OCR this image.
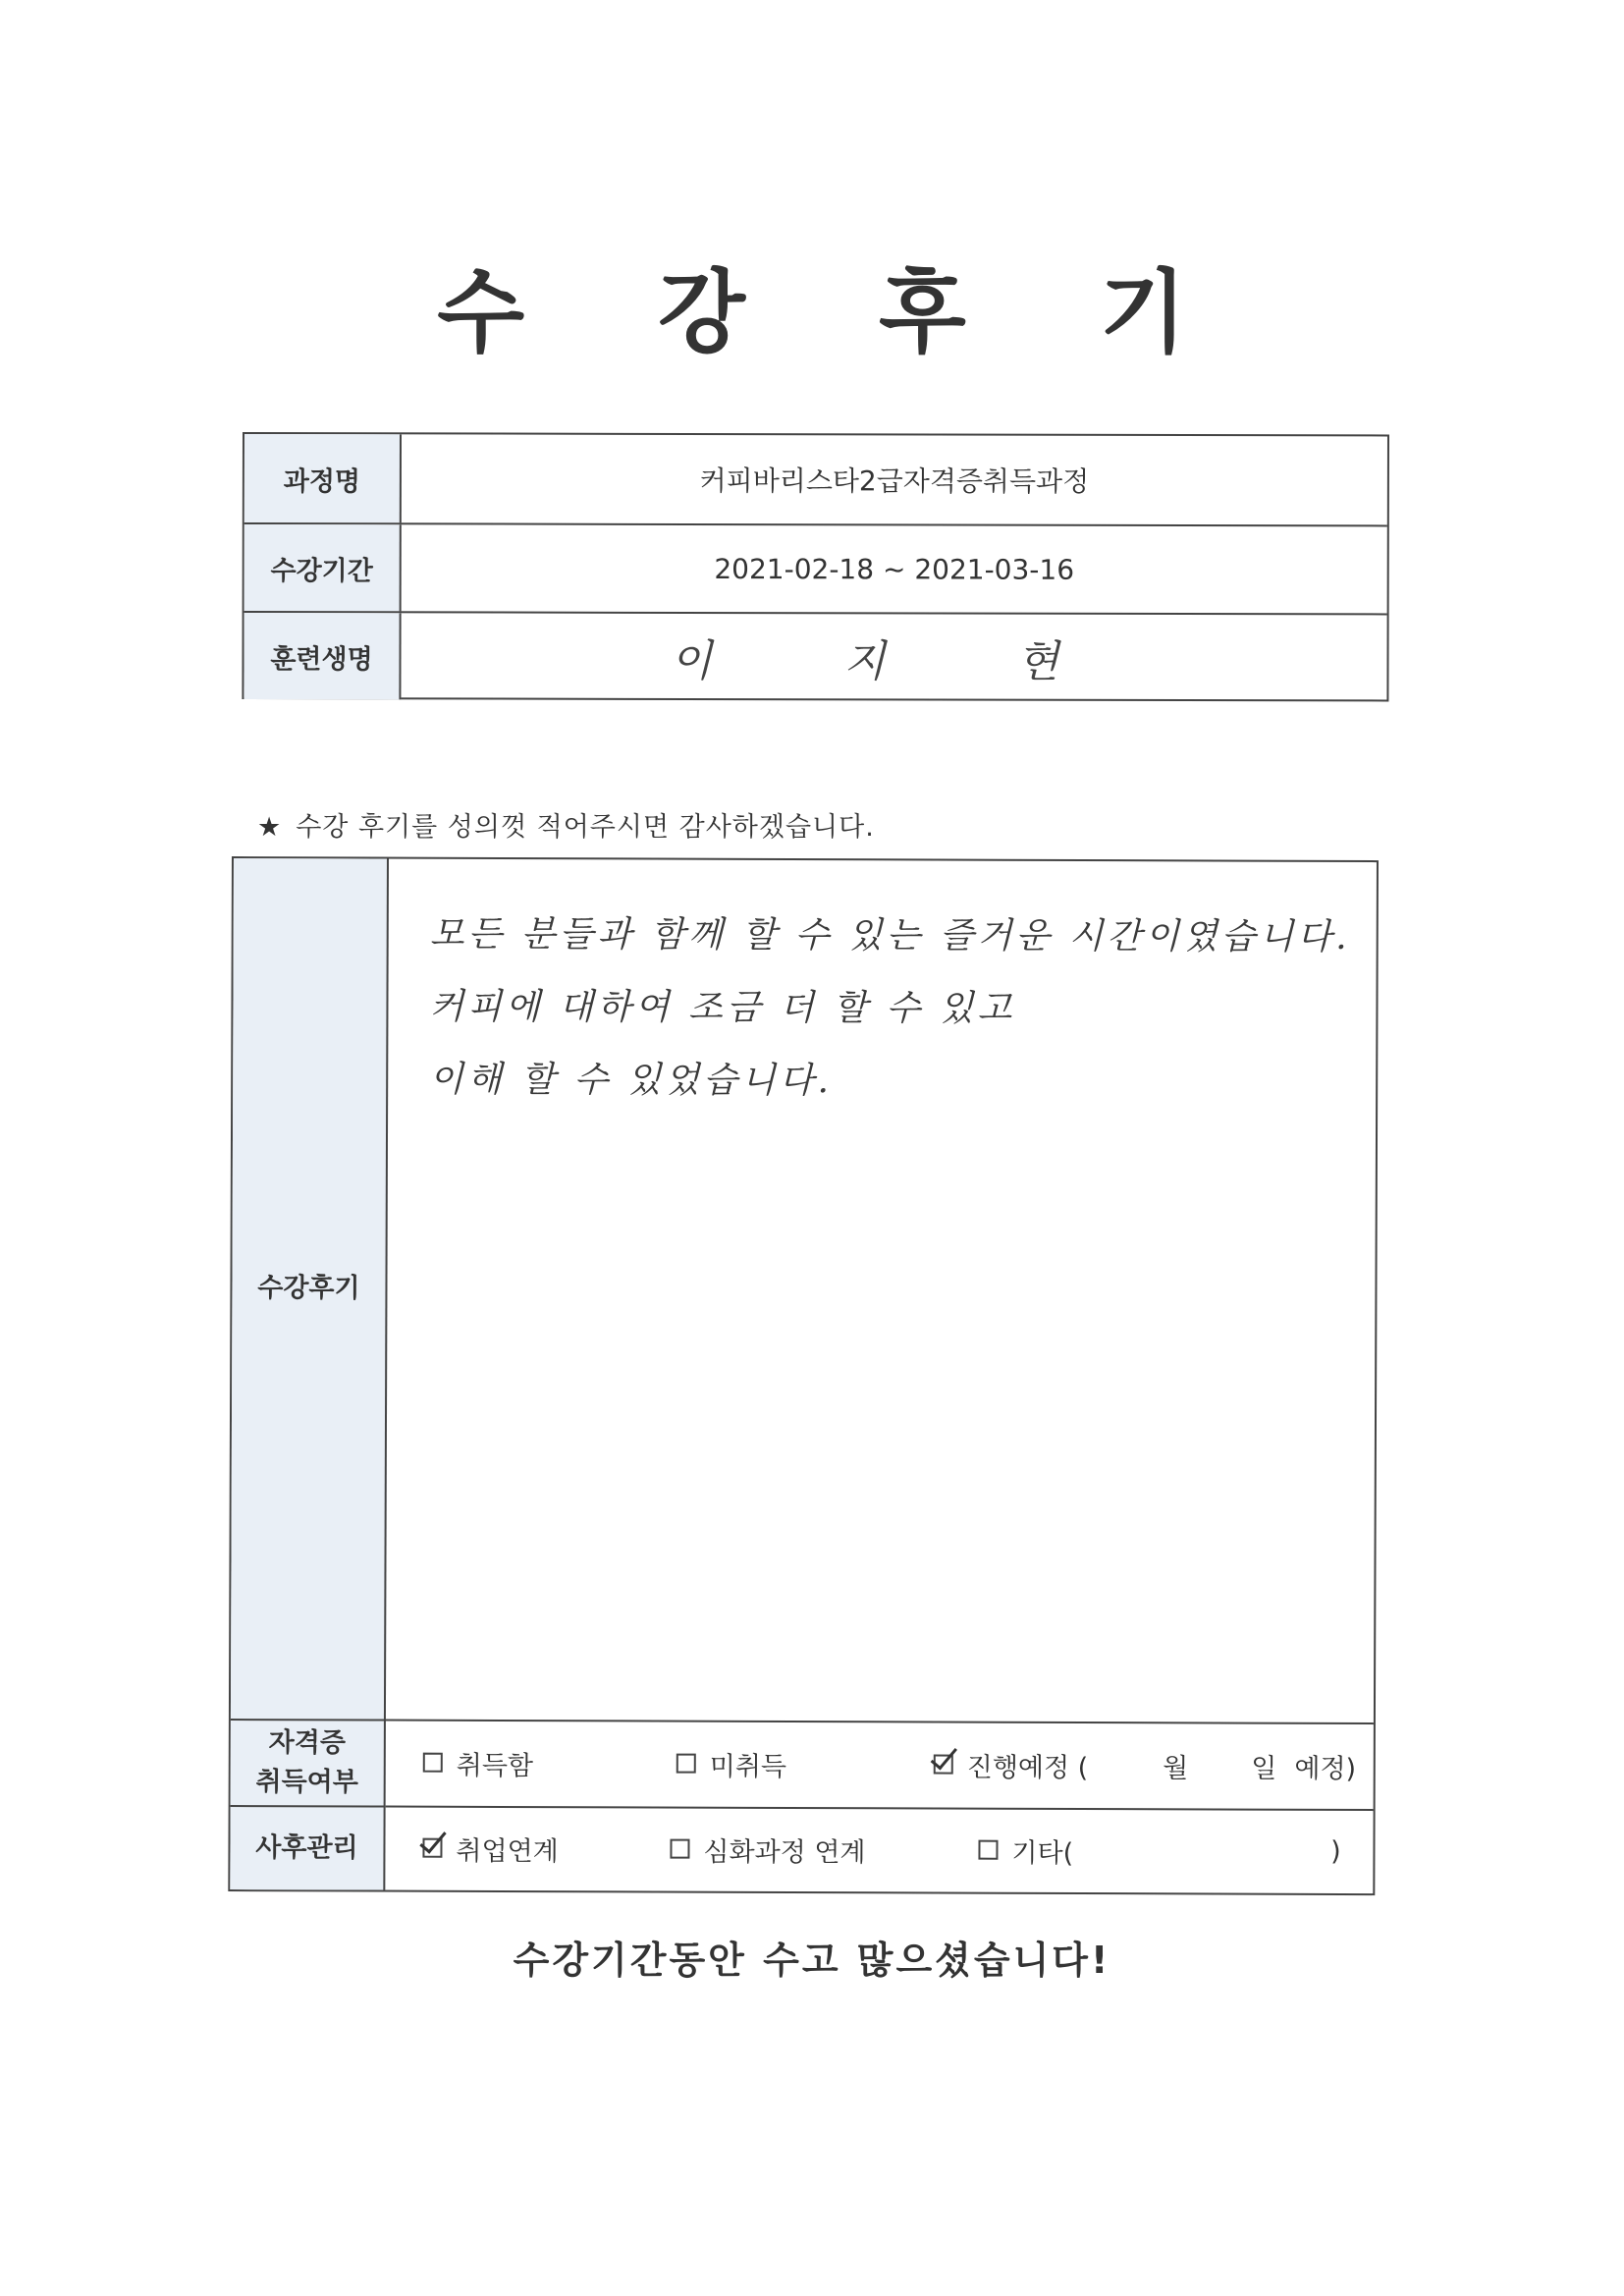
수 강 후 기
과정명	커피바리스타2급자격증취득과정
수강기간	2021-02-18 ~ 2021-03-16
훈련생명	이 지 현
★ 수강 후기를 성의껏 적어주시면 감사하겠습니다.
수강후기
모든 분들과 함께 할 수 있는 즐거운 시간이였습니다.
커피에 대하여 조금 더 할 수 있고
이해 할 수 있었습니다.
자격증
취득여부
취득함	미취득	진행예정 (	월 일 예정)
사후관리	취업연계	심화과정 연계	기타(	)
수강기간동안 수고 많으셨습니다!
